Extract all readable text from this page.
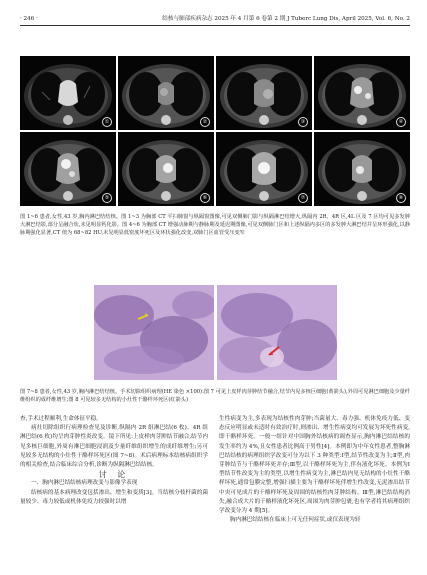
· 246 ·	结核与肺部疾病杂志 2025 年 4 月第 6 卷第 2 期 J Tuberc Lung Dis, April 2025, Vol. 6, No. 2
①	②	③	④
⑤	⑥	⑦	⑧
图 1~6 患者,女性,43 岁,胸内淋巴结结核。图 1~3 为胸部 CT 平扫肺窗与纵隔窗图像,可见双侧肺门影与纵隔淋巴结增大,纵隔内 2R、4R 区,4L 区及 7 区均可见多发肿大淋巴结影,部分呈融合状,未见明显钙化影。图 4~6 为胸部 CT 增强动脉期与静脉期及延迟期图像,可见双侧肺门区和上述纵隔内多区的多发肿大淋巴结并呈环形强化,以静脉期强化显著,CT 值为 68~82 HU,未见明显低密度坏死区及环状强化改变,双肺门区血管受压变窄
图 7~8 患者,女性,43 岁,胸内淋巴结结核。手术切除组织病理(HE 染色 ×100):图 7 可见上皮样肉芽肿结节融合,结节内见多核巨细胞(黄箭头),外周可见淋巴细胞及少量纤维组织的成纤维增生;图 8 可见较多无结构的小灶性干酪样坏死区(红箭头)

查,手术过程顺利,生命体征平稳。

病灶切除组织行病理检查见及诊断,纵隔内 2R 组淋巴结(6 枚)、4R 组淋巴结(6 枚)均呈肉芽肿性炎改变。镜下所见:上皮样肉芽肿结节融合,结节内见多核巨细胞,外周有淋巴细胞浸润及少量纤维组织增生的成纤维增生;另可见较多无结构的小灶性干酪样坏死区(图 7~8)。术后病理标本结核病组织学的相关检查,结合临床综合分析,诊断为纵隔淋巴结结核。

讨 论

一、胸内淋巴结结核病理改变与影像学表现

结核病的基本病理改变包括渗出、增生和变质[3]。当结核分枝杆菌的菌量较少、毒力较低或机体免疫力较强时以增

生性病变为主,多表现为结核性肉芽肿;当菌量大、毒力强、机体免疫力低、变态反应明显或未适时有效治疗时,则渗出、增生性病变均可发展为坏死性病变,即干酪样坏死。一般一组针对中国胸外结核病的调查显示,胸内淋巴结结核的发生率约为 4%,且女性患者比例高于男性[4]。本例即为中年女性患者,整胸淋巴结结核的病理组织学改变可分为以下 3 种类型:Ⅰ型,结节性改变为主;Ⅱ型,肉芽肿结节与干酪样坏死并存;Ⅲ型,以干酪样坏死为主,伴有液化坏死。本例为Ⅰ型结节性改变为主的类型,以增生性病变为主,淋巴结内见无结构的小灶性干酪样坏死,通常包膜完整,增强扫描主要为干酪样坏死伴增生性改变,无泥渗出结节中央可见成片的干酪样坏死及周围的结核性肉芽肿结构。Ⅲ型,淋巴结结构消失,融合成大片的干酪样液化坏死区,周围为肉芽肿包裹,也有学者将其病理组织学改变分为 4 期[5]。

胸内淋巴结结核在临床上可无任何症状,或仅表现为轻
